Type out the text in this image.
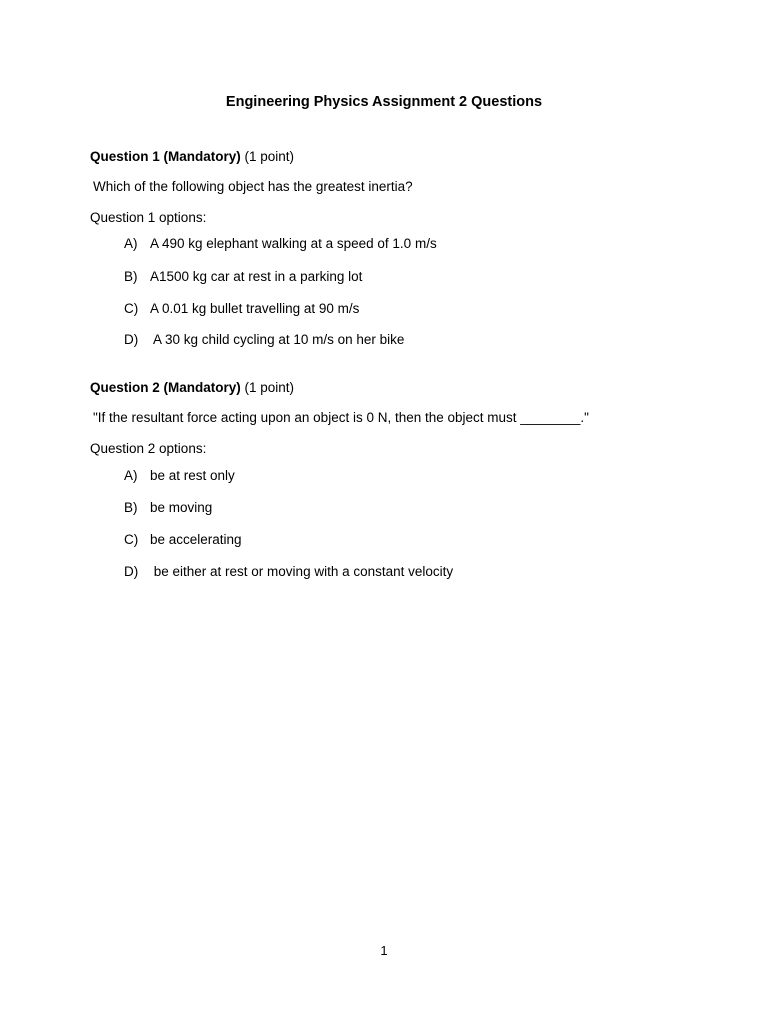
Engineering Physics Assignment 2 Questions
Question 1 (Mandatory) (1 point)
Which of the following object has the greatest inertia?
Question 1 options:
A) A 490 kg elephant walking at a speed of 1.0 m/s
B) A1500 kg car at rest in a parking lot
C) A 0.01 kg bullet travelling at 90 m/s
D) A 30 kg child cycling at 10 m/s on her bike
Question 2 (Mandatory) (1 point)
"If the resultant force acting upon an object is 0 N, then the object must ________."
Question 2 options:
A) be at rest only
B) be moving
C) be accelerating
D) be either at rest or moving with a constant velocity
1
